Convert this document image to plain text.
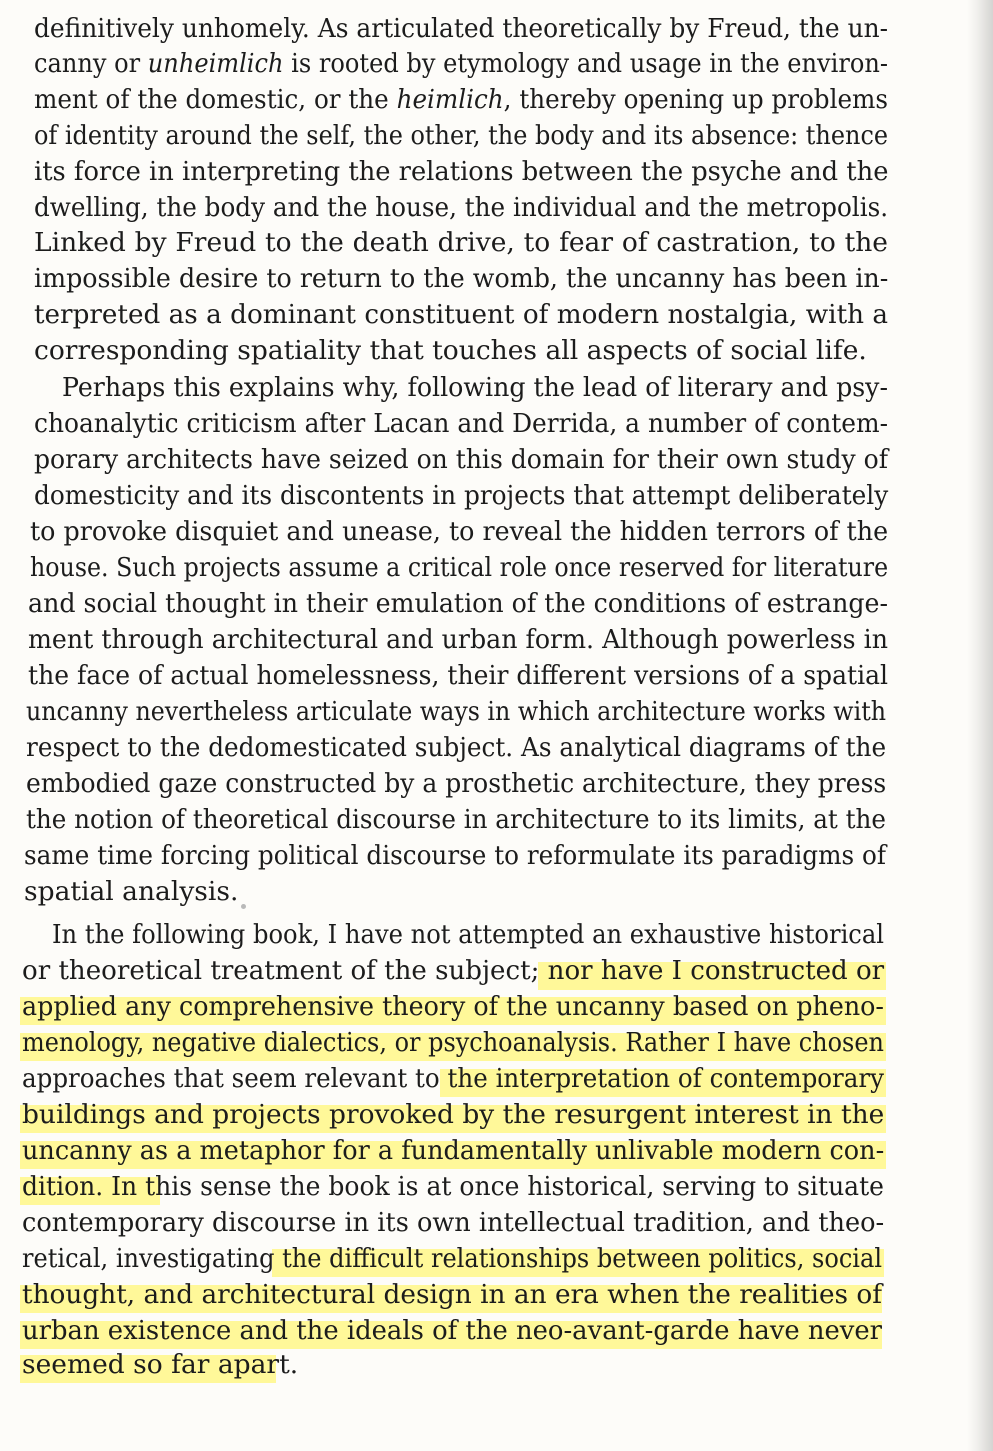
definitively unhomely. As articulated theoretically by Freud, the un-
canny or unheimlich is rooted by etymology and usage in the environ-
ment of the domestic, or the heimlich, thereby opening up problems
of identity around the self, the other, the body and its absence: thence
its force in interpreting the relations between the psyche and the
dwelling, the body and the house, the individual and the metropolis.
Linked by Freud to the death drive, to fear of castration, to the
impossible desire to return to the womb, the uncanny has been in-
terpreted as a dominant constituent of modern nostalgia, with a
corresponding spatiality that touches all aspects of social life.
Perhaps this explains why, following the lead of literary and psy-
choanalytic criticism after Lacan and Derrida, a number of contem-
porary architects have seized on this domain for their own study of
domesticity and its discontents in projects that attempt deliberately
to provoke disquiet and unease, to reveal the hidden terrors of the
house. Such projects assume a critical role once reserved for literature
and social thought in their emulation of the conditions of estrange-
ment through architectural and urban form. Although powerless in
the face of actual homelessness, their different versions of a spatial
uncanny nevertheless articulate ways in which architecture works with
respect to the dedomesticated subject. As analytical diagrams of the
embodied gaze constructed by a prosthetic architecture, they press
the notion of theoretical discourse in architecture to its limits, at the
same time forcing political discourse to reformulate its paradigms of
spatial analysis.
In the following book, I have not attempted an exhaustive historical
or theoretical treatment of the subject; nor have I constructed or
applied any comprehensive theory of the uncanny based on pheno-
menology, negative dialectics, or psychoanalysis. Rather I have chosen
approaches that seem relevant to the interpretation of contemporary
buildings and projects provoked by the resurgent interest in the
uncanny as a metaphor for a fundamentally unlivable modern con-
dition. In this sense the book is at once historical, serving to situate
contemporary discourse in its own intellectual tradition, and theo-
retical, investigating the difficult relationships between politics, social
thought, and architectural design in an era when the realities of
urban existence and the ideals of the neo-avant-garde have never
seemed so far apart.
